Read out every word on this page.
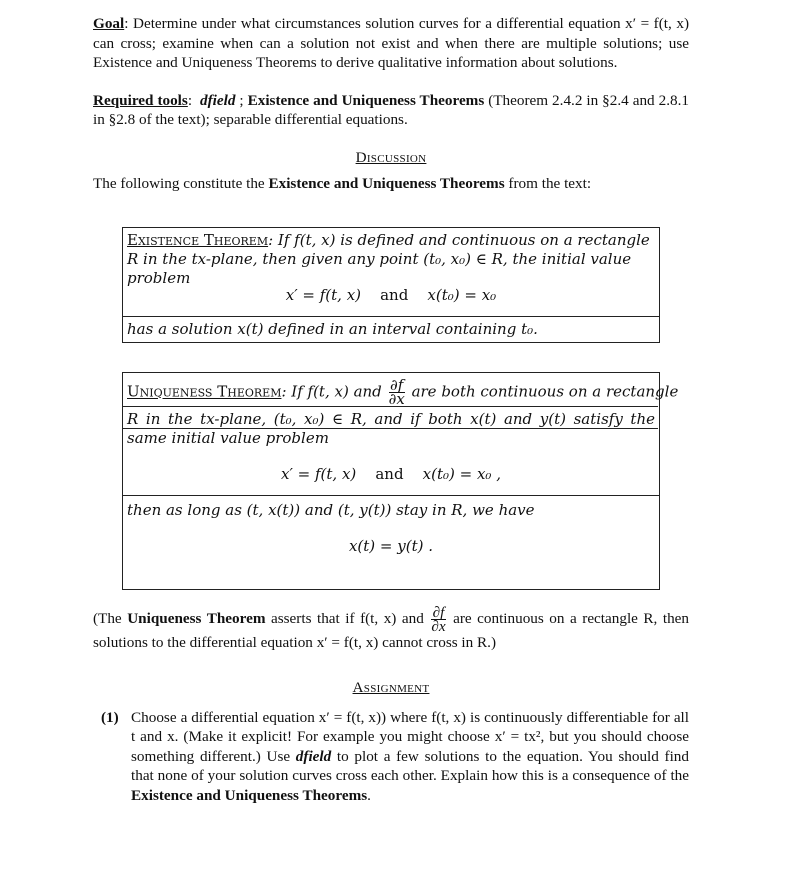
Goal: Determine under what circumstances solution curves for a differential equation x′ = f(t, x) can cross; examine when can a solution not exist and when there are multiple solutions; use Existence and Uniqueness Theorems to derive qualitative information about solutions.

Required tools: dfield ; Existence and Uniqueness Theorems (Theorem 2.4.2 in §2.4 and 2.8.1 in §2.8 of the text); separable differential equations.

Discussion

The following constitute the Existence and Uniqueness Theorems from the text:

Existence Theorem: If f(t, x) is defined and continuous on a rectangle R in the tx-plane, then given any point (t₀, x₀) ∈ R, the initial value problem
x′ = f(t, x) and x(t₀) = x₀
has a solution x(t) defined in an interval containing t₀.
Uniqueness Theorem: If f(t, x) and $\frac{\partial f}{\partial x}$ are both continuous on a rectangle
R in the tx-plane, (t₀, x₀) ∈ R, and if both x(t) and y(t) satisfy the same initial value problem
x′ = f(t, x) and x(t₀) = x₀ ,
then as long as (t, x(t)) and (t, y(t)) stay in R, we have
x(t) = y(t) .

(The Uniqueness Theorem asserts that if f(t, x) and $\frac{\partial f}{\partial x}$ are continuous on a rectangle R, then solutions to the differential equation x′ = f(t, x) cannot cross in R.)

Assignment
(1) Choose a differential equation x′ = f(t, x)) where f(t, x) is continuously differentiable for all t and x. (Make it explicit! For example you might choose x′ = tx², but you should choose something different.) Use dfield to plot a few solutions to the equation. You should find that none of your solution curves cross each other. Explain how this is a consequence of the Existence and Uniqueness Theorems.
